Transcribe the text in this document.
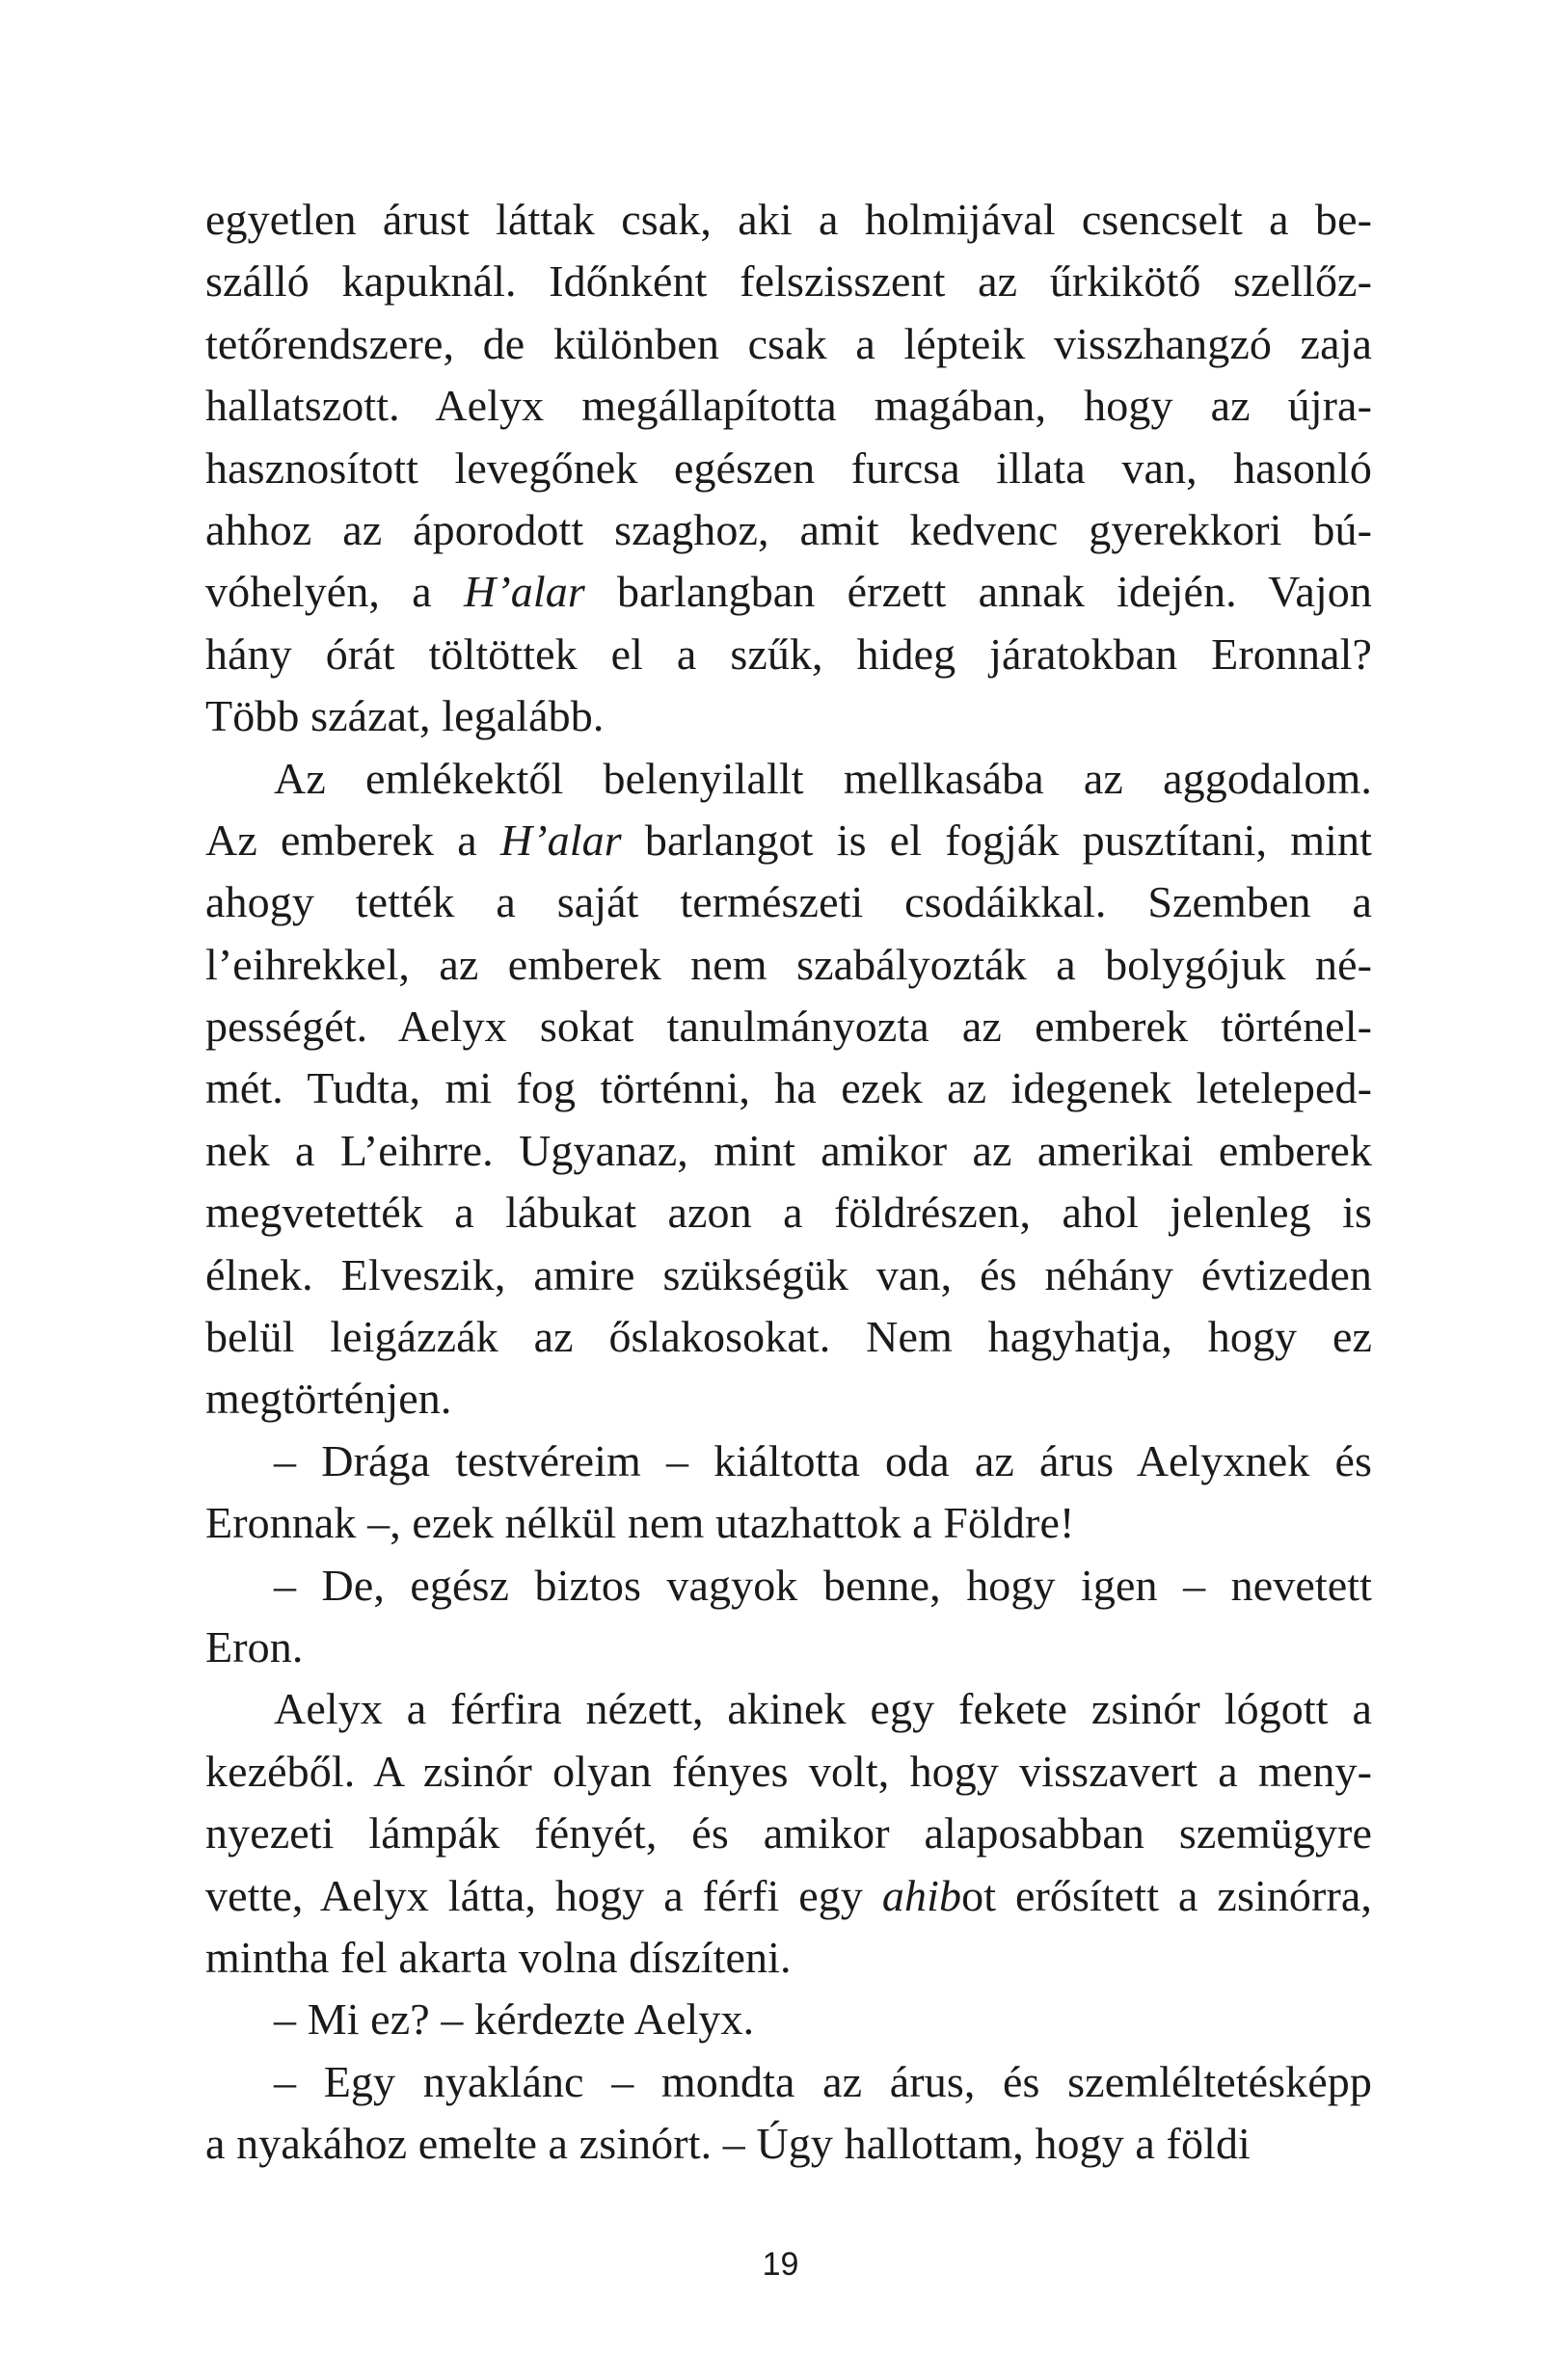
egyetlen árust láttak csak, aki a holmijával csencselt a be-
szálló kapuknál. Időnként felszisszent az űrkikötő szellőz-
tetőrendszere, de különben csak a lépteik visszhangzó zaja
hallatszott. Aelyx megállapította magában, hogy az újra-
hasznosított levegőnek egészen furcsa illata van, hasonló
ahhoz az áporodott szaghoz, amit kedvenc gyerekkori bú-
vóhelyén, a H’alar barlangban érzett annak idején. Vajon
hány órát töltöttek el a szűk, hideg járatokban Eronnal?
Több százat, legalább.
Az emlékektől belenyilallt mellkasába az aggodalom.
Az emberek a H’alar barlangot is el fogják pusztítani, mint
ahogy tették a saját természeti csodáikkal. Szemben a
l’eihrekkel, az emberek nem szabályozták a bolygójuk né-
pességét. Aelyx sokat tanulmányozta az emberek történel-
mét. Tudta, mi fog történni, ha ezek az idegenek leteleped-
nek a L’eihrre. Ugyanaz, mint amikor az amerikai emberek
megvetették a lábukat azon a földrészen, ahol jelenleg is
élnek. Elveszik, amire szükségük van, és néhány évtizeden
belül leigázzák az őslakosokat. Nem hagyhatja, hogy ez
megtörténjen.
– Drága testvéreim – kiáltotta oda az árus Aelyxnek és
Eronnak –, ezek nélkül nem utazhattok a Földre!
– De, egész biztos vagyok benne, hogy igen – nevetett
Eron.
Aelyx a férfira nézett, akinek egy fekete zsinór lógott a
kezéből. A zsinór olyan fényes volt, hogy visszavert a meny-
nyezeti lámpák fényét, és amikor alaposabban szemügyre
vette, Aelyx látta, hogy a férfi egy ahibot erősített a zsinórra,
mintha fel akarta volna díszíteni.
– Mi ez? – kérdezte Aelyx.
– Egy nyaklánc – mondta az árus, és szemléltetésképp
a nyakához emelte a zsinórt. – Úgy hallottam, hogy a földi
19
